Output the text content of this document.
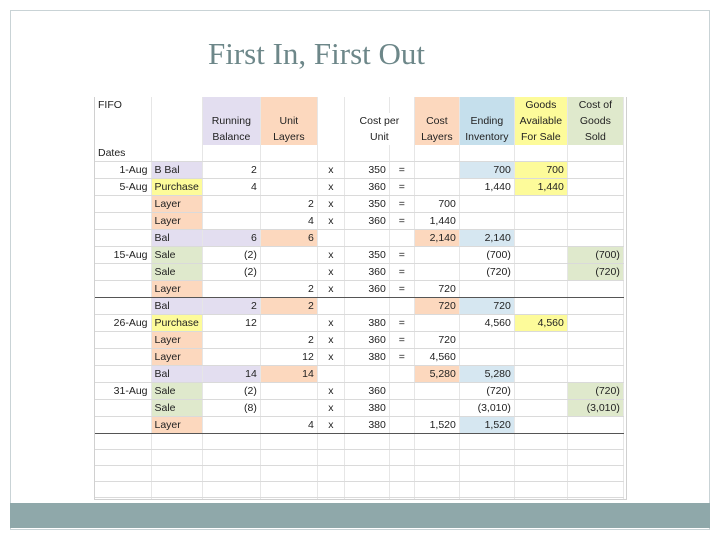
First In, First Out
FIFO									Goods	Cost of
		Running	Unit		Cost per		Cost	Ending	Available	Goods
		Balance	Layers		Unit		Layers	Inventory	For Sale	Sold
Dates										
1-Aug	B Bal	2		x	350	=		700	700	
5-Aug	Purchase	4		x	360	=		1,440	1,440	
	Layer		2	x	350	=	700			
	Layer		4	x	360	=	1,440			
	Bal	6	6				2,140	2,140		
15-Aug	Sale	(2)		x	350	=		(700)		(700)
	Sale	(2)		x	360	=		(720)		(720)
	Layer		2	x	360	=	720			
	Bal	2	2				720	720		
26-Aug	Purchase	12		x	380	=		4,560	4,560	
	Layer		2	x	360	=	720			
	Layer		12	x	380	=	4,560			
	Bal	14	14				5,280	5,280		
31-Aug	Sale	(2)		x	360			(720)		(720)
	Sale	(8)		x	380			(3,010)		(3,010)
	Layer		4	x	380		1,520	1,520		
